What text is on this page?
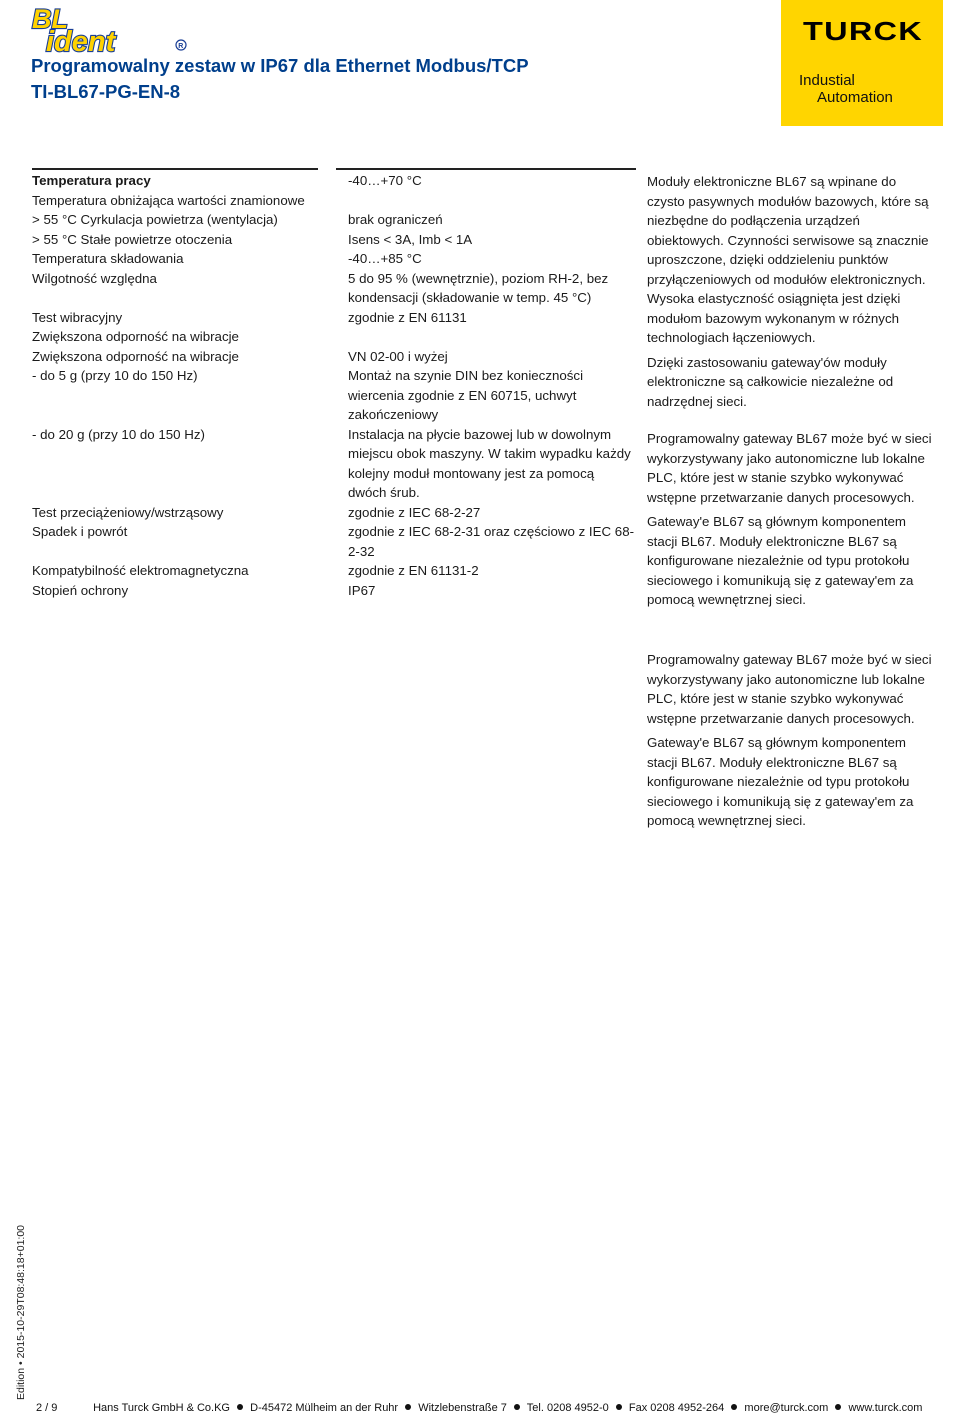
BL
ident	R
Programowalny zestaw w IP67 dla Ethernet Modbus/TCP
TI-BL67-PG-EN-8
TURCK
Industial
Automation
Temperatura pracy	-40…+70 °C
Temperatura obniżająca wartości znamionowe
> 55 °C Cyrkulacja powietrza (wentylacja)	brak ograniczeń
> 55 °C Stałe powietrze otoczenia	Isens < 3A, Imb < 1A
Temperatura składowania	-40…+85 °C
Wilgotność względna	5 do 95 % (wewnętrznie), poziom RH-2, bez kondensacji (składowanie w temp. 45 °C)
Test wibracyjny	zgodnie z EN 61131
Zwiększona odporność na wibracje
Zwiększona odporność na wibracje	VN 02-00 i wyżej
- do 5 g (przy 10 do 150 Hz)	Montaż na szynie DIN bez konieczności wiercenia zgodnie z EN 60715, uchwyt zakończeniowy
- do 20 g (przy 10 do 150 Hz)	Instalacja na płycie bazowej lub w dowolnym miejscu obok maszyny. W takim wypadku każdy kolejny moduł montowany jest za pomocą dwóch śrub.
Test przeciążeniowy/wstrząsowy	zgodnie z IEC 68-2-27
Spadek i powrót	zgodnie z IEC 68-2-31 oraz częściowo z IEC 68-2-32
Kompatybilność elektromagnetyczna	zgodnie z EN 61131-2
Stopień ochrony	IP67

Moduły elektroniczne BL67 są wpinane do czysto pasywnych modułów bazowych, które są niezbędne do podłączenia urządzeń obiektowych. Czynności serwisowe są znacznie uproszczone, dzięki oddzieleniu punktów przyłączeniowych od modułów elektronicznych. Wysoka elastyczność osiągnięta jest dzięki modułom bazowym wykonanym w różnych technologiach łączeniowych.

Dzięki zastosowaniu gateway'ów moduły elektroniczne są całkowicie niezależne od nadrzędnej sieci.

Programowalny gateway BL67 może być w sieci wykorzystywany jako autonomiczne lub lokalne PLC, które jest w stanie szybko wykonywać wstępne przetwarzanie danych procesowych.

Gateway'e BL67 są głównym komponentem stacji BL67. Moduły elektroniczne BL67 są konfigurowane niezależnie od typu protokołu sieciowego i komunikują się z gateway'em za pomocą wewnętrznej sieci.

Programowalny gateway BL67 może być w sieci wykorzystywany jako autonomiczne lub lokalne PLC, które jest w stanie szybko wykonywać wstępne przetwarzanie danych procesowych.

Gateway'e BL67 są głównym komponentem stacji BL67. Moduły elektroniczne BL67 są konfigurowane niezależnie od typu protokołu sieciowego i komunikują się z gateway'em za pomocą wewnętrznej sieci.

Edition • 2015-10-29T08:48:18+01:00
2 / 9	Hans Turck GmbH & Co.KG D-45472 Mülheim an der Ruhr Witzlebenstraße 7 Tel. 0208 4952-0 Fax 0208 4952-264 more@turck.com www.turck.com
